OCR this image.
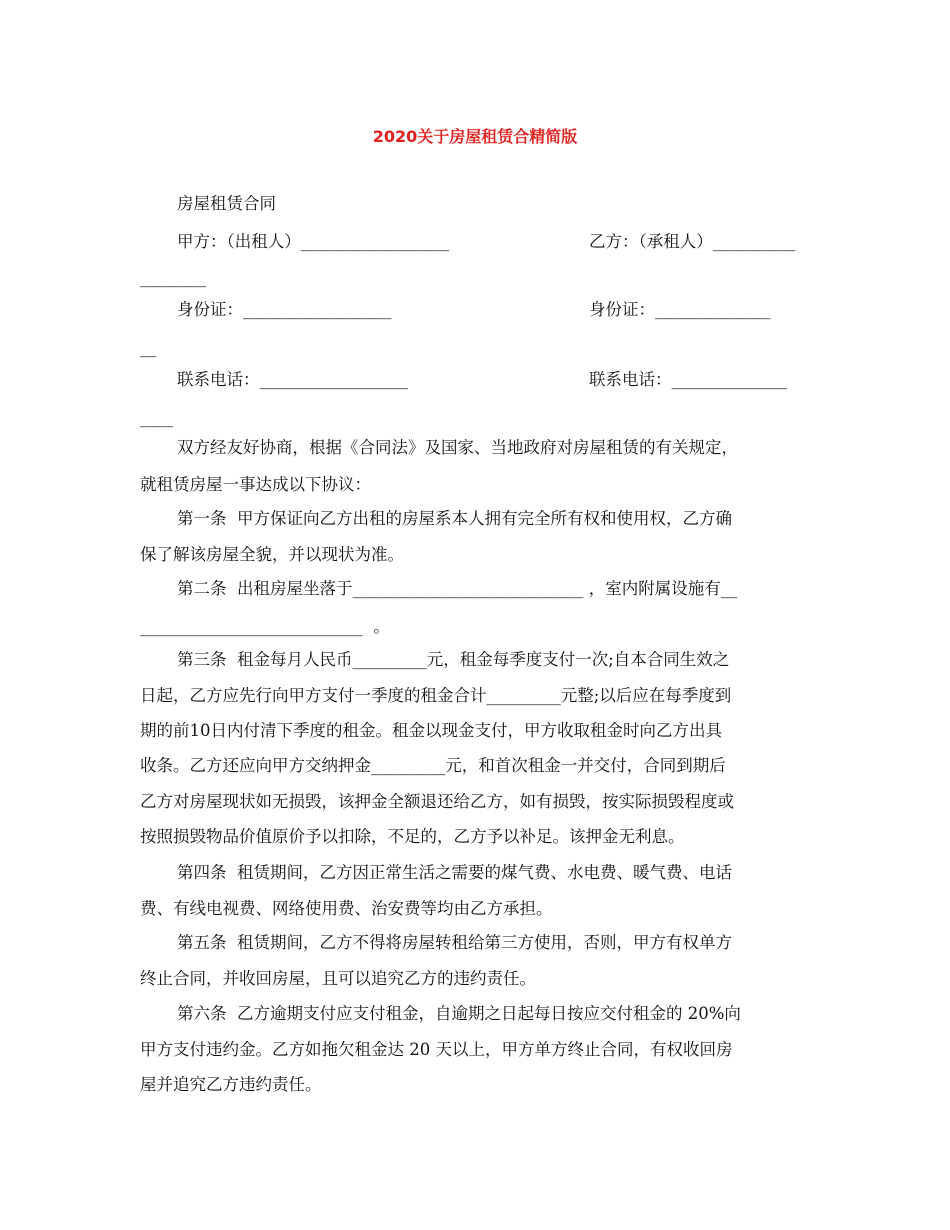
2020关于房屋租赁合精简版
房屋租赁合同
甲方：（出租人）__________________	乙方：（承租人）__________
________
身份证：__________________	身份证：______________
__
联系电话：__________________	联系电话：______________
____
双方经友好协商，根据《合同法》及国家、当地政府对房屋租赁的有关规定，
就租赁房屋一事达成以下协议：
第一条  甲方保证向乙方出租的房屋系本人拥有完全所有权和使用权，乙方确
保了解该房屋全貌，并以现状为准。
第二条  出租房屋坐落于____________________________ ，室内附属设施有__
___________________________  。
第三条  租金每月人民币_________元，租金每季度支付一次;自本合同生效之
日起，乙方应先行向甲方支付一季度的租金合计_________元整;以后应在每季度到
期的前10日内付清下季度的租金。租金以现金支付，甲方收取租金时向乙方出具
收条。乙方还应向甲方交纳押金_________元，和首次租金一并交付，合同到期后
乙方对房屋现状如无损毁，该押金全额退还给乙方，如有损毁，按实际损毁程度或
按照损毁物品价值原价予以扣除，不足的，乙方予以补足。该押金无利息。
第四条  租赁期间，乙方因正常生活之需要的煤气费、水电费、暖气费、电话
费、有线电视费、网络使用费、治安费等均由乙方承担。
第五条  租赁期间，乙方不得将房屋转租给第三方使用，否则，甲方有权单方
终止合同，并收回房屋，且可以追究乙方的违约责任。
第六条  乙方逾期支付应支付租金，自逾期之日起每日按应交付租金的 20%向
甲方支付违约金。乙方如拖欠租金达 20 天以上，甲方单方终止合同，有权收回房
屋并追究乙方违约责任。
